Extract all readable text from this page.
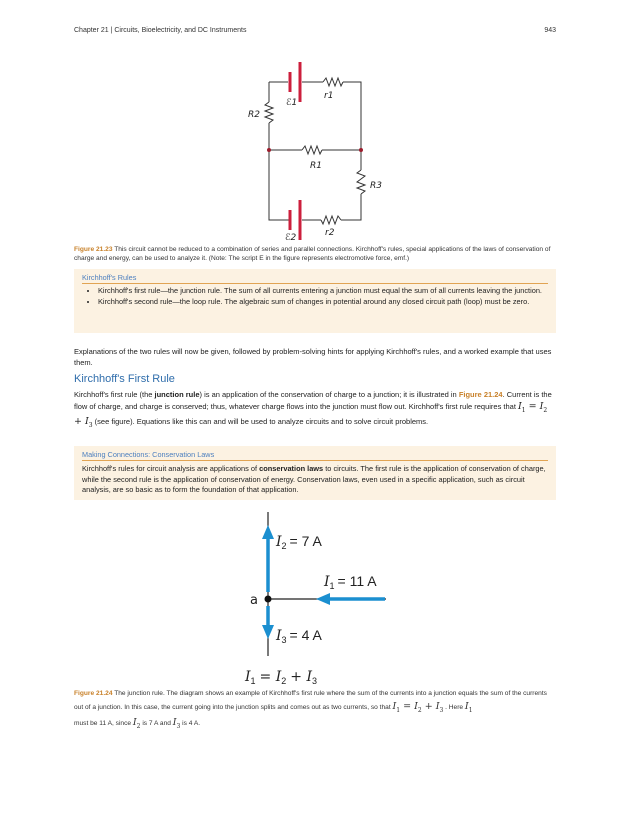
Chapter 21 | Circuits, Bioelectricity, and DC Instruments	943
ℰ1
r1
R2
R1
R3
ℰ2	r2
Figure 21.23 This circuit cannot be reduced to a combination of series and parallel connections. Kirchhoff's rules, special applications of the laws of conservation of charge and energy, can be used to analyze it. (Note: The script E in the figure represents electromotive force, emf.)
Kirchhoff's Rules
• Kirchhoff's first rule—the junction rule. The sum of all currents entering a junction must equal the sum of all currents leaving the junction.
• Kirchhoff's second rule—the loop rule. The algebraic sum of changes in potential around any closed circuit path (loop) must be zero.

Explanations of the two rules will now be given, followed by problem-solving hints for applying Kirchhoff's rules, and a worked example that uses them.

Kirchhoff's First Rule

Kirchhoff's first rule (the junction rule) is an application of the conservation of charge to a junction; it is illustrated in Figure 21.24. Current is the flow of charge, and charge is conserved; thus, whatever charge flows into the junction must flow out. Kirchhoff's first rule requires that $I_1 = I_2 + I_3$ (see figure). Equations like this can and will be used to analyze circuits and to solve circuit problems.

Making Connections: Conservation Laws

Kirchhoff's rules for circuit analysis are applications of conservation laws to circuits. The first rule is the application of conservation of charge, while the second rule is the application of conservation of energy. Conservation laws, even used in a specific application, such as circuit analysis, are so basic as to form the foundation of that application.

a
$I_2 = 7$ A
$I_1 = 11$ A
$I_3 = 4$ A
$I_1 = I_2 + I_3$
Figure 21.24 The junction rule. The diagram shows an example of Kirchhoff's first rule where the sum of the currents into a junction equals the sum of the currents out of a junction. In this case, the current going into the junction splits and comes out as two currents, so that $I_1 = I_2 + I_3$ . Here $I_1$
must be 11 A, since $I_2$ is 7 A and $I_3$ is 4 A.
